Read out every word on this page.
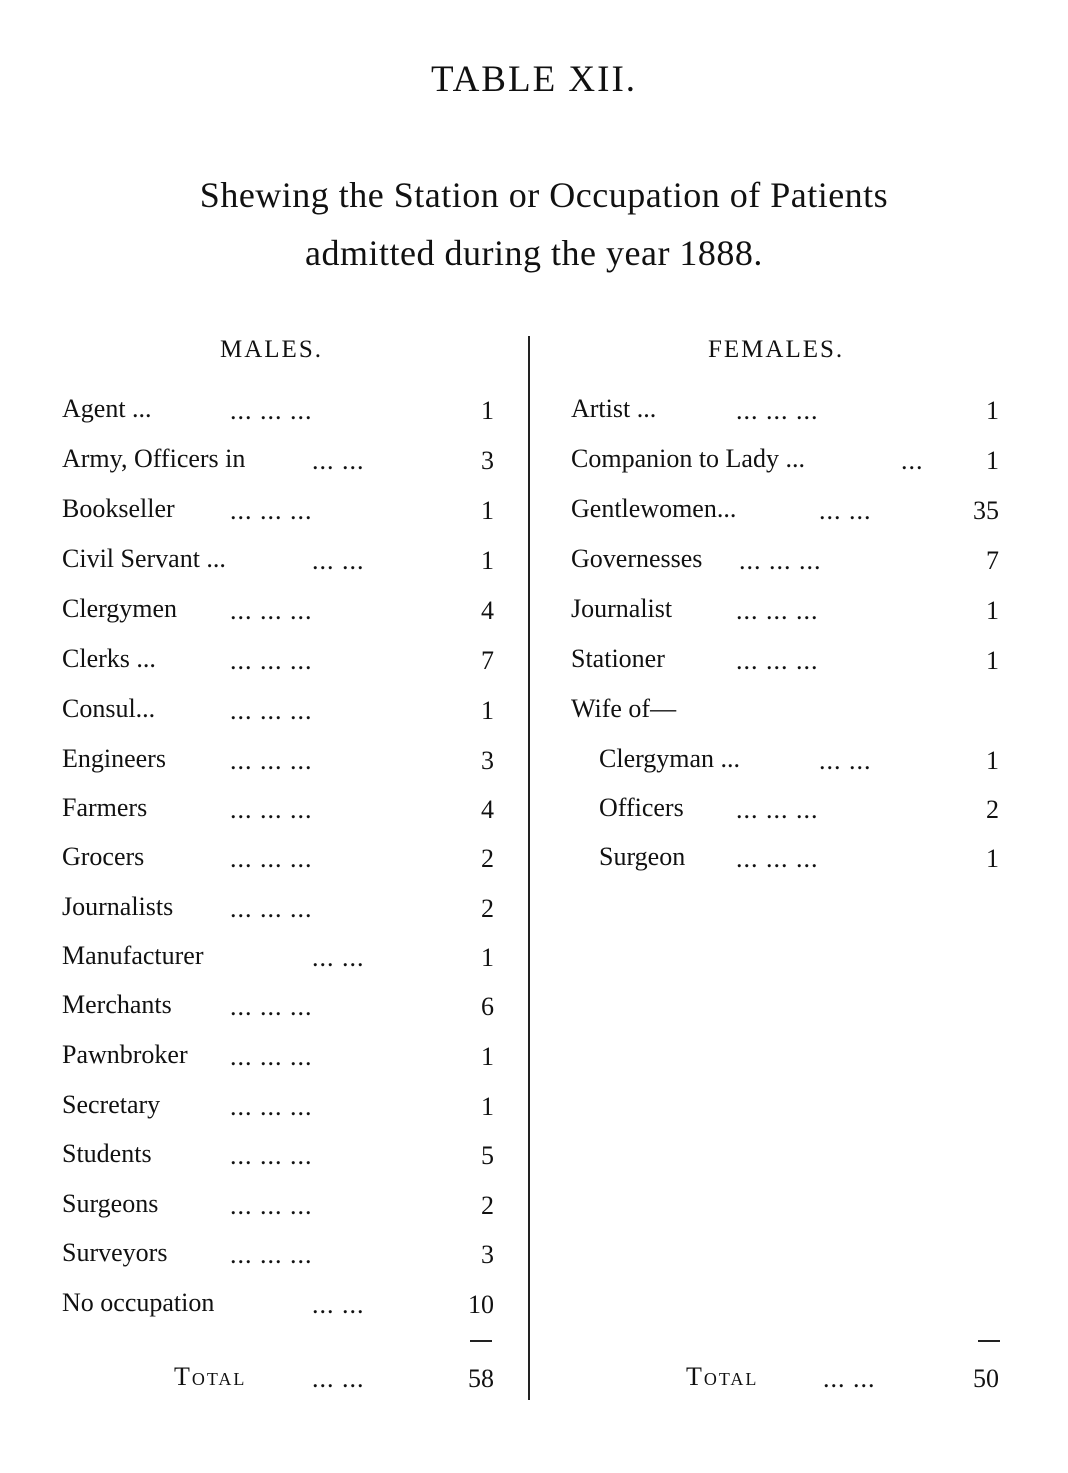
TABLE XII.
Shewing the Station or Occupation of Patients
admitted during the year 1888.
MALES.	FEMALES.
Agent ...	... ... ...	1
Army, Officers in	... ...	3
Bookseller ... ... ...	1
Civil Servant ...	... ...	1
Clergymen ... ... ...	4
Clerks ...	... ... ...	7
Consul...	... ... ...	1
Engineers ... ... ...	3
Farmers	... ... ...	4
Grocers	... ... ...	2
Journalists ... ... ...	2
Manufacturer	... ...	1
Merchants ... ... ...	6
Pawnbroker ... ... ...	1
Secretary	... ... ...	1
Students	... ... ...	5
Surgeons	... ... ...	2
Surveyors ... ... ...	3
No occupation	... ...	10
Total	... ...	58
Artist ...	... ... ...	1
Companion to Lady ...	... 1
Gentlewomen...	... ...	35
Governesses ... ... ...	7
Journalist ... ... ...	1
Stationer	... ... ...	1
Wife of—
Clergyman ...	... ...	1
Officers ... ... ...	2
Surgeon ... ... ...	1
Total ... ...	50
